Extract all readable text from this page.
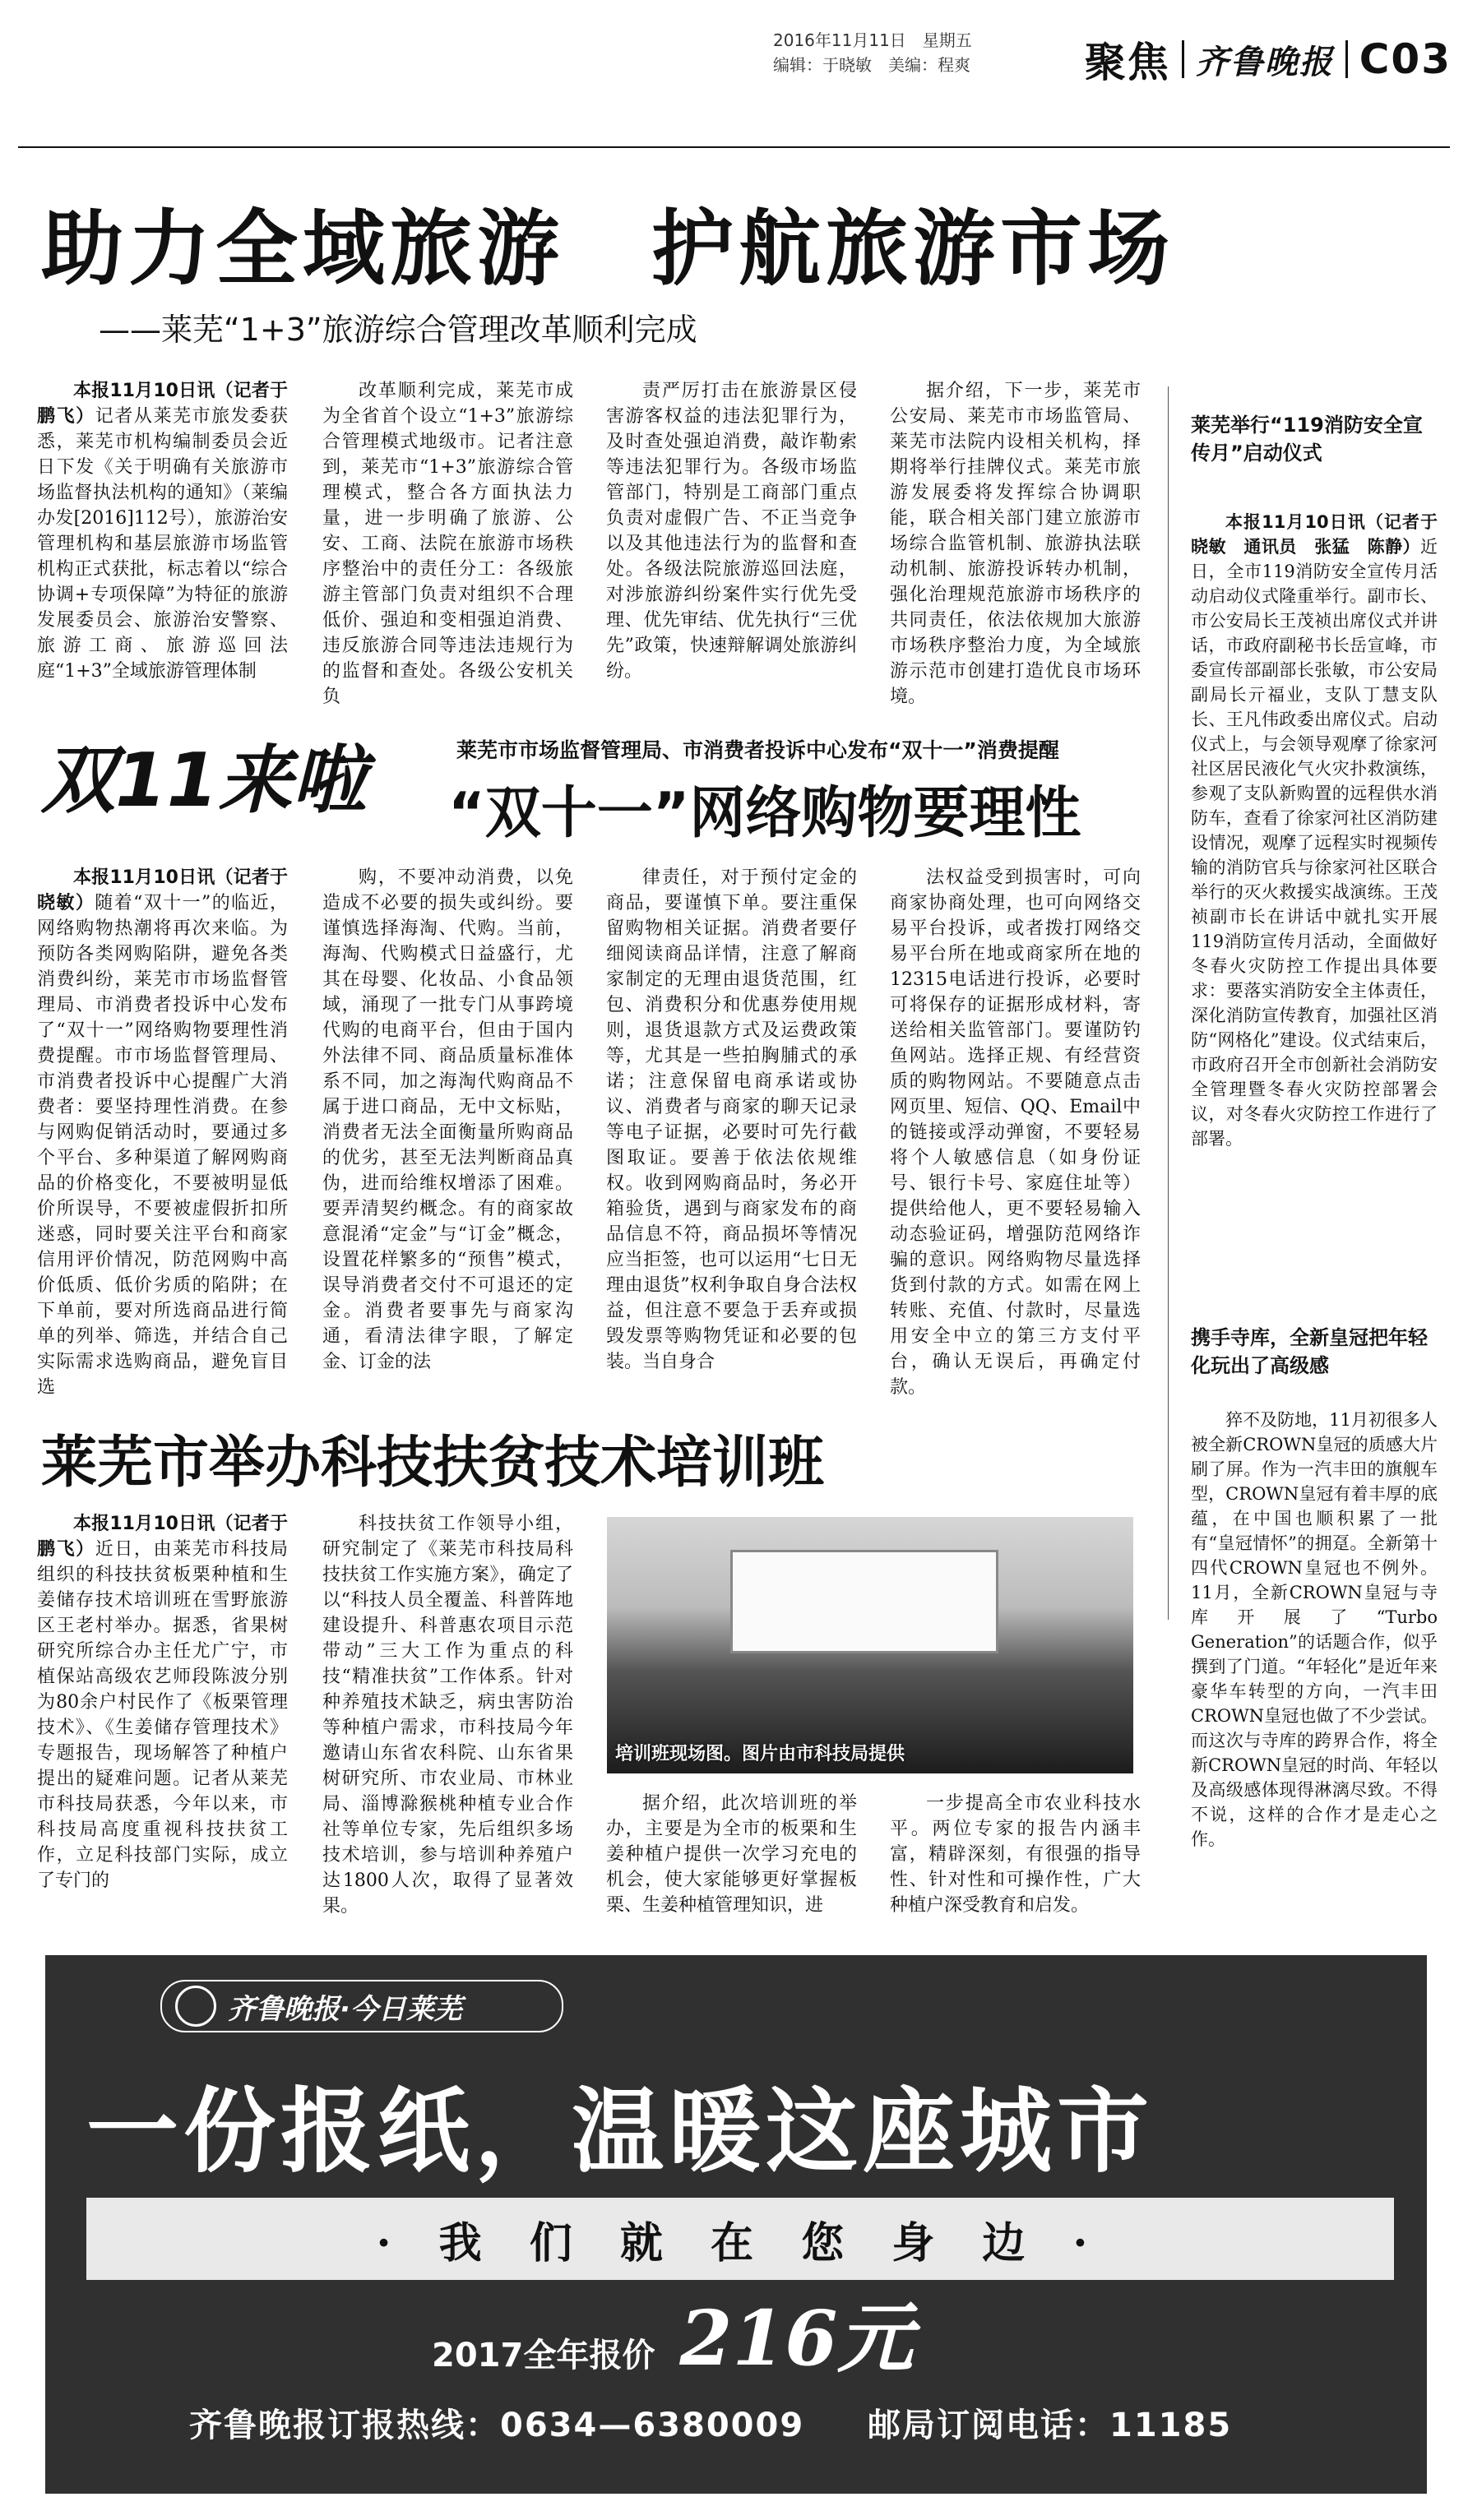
2016年11月11日　星期五
编辑：于晓敏　美编：程爽	聚焦 齐鲁晚报 C03
助力全域旅游　护航旅游市场
——莱芜“1+3”旅游综合管理改革顺利完成

本报11月10日讯（记者于鹏飞）记者从莱芜市旅发委获悉，莱芜市机构编制委员会近日下发《关于明确有关旅游市场监督执法机构的通知》（莱编办发[2016]112号），旅游治安管理机构和基层旅游市场监管机构正式获批，标志着以“综合协调+专项保障”为特征的旅游发展委员会、旅游治安警察、旅游工商、旅游巡回法庭“1+3”全域旅游管理体制

改革顺利完成，莱芜市成为全省首个设立“1+3”旅游综合管理模式地级市。记者注意到，莱芜市“1+3”旅游综合管理模式，整合各方面执法力量，进一步明确了旅游、公安、工商、法院在旅游市场秩序整治中的责任分工：各级旅游主管部门负责对组织不合理低价、强迫和变相强迫消费、违反旅游合同等违法违规行为的监督和查处。各级公安机关负

责严厉打击在旅游景区侵害游客权益的违法犯罪行为，及时查处强迫消费，敲诈勒索等违法犯罪行为。各级市场监管部门，特别是工商部门重点负责对虚假广告、不正当竞争以及其他违法行为的监督和查处。各级法院旅游巡回法庭，对涉旅游纠纷案件实行优先受理、优先审结、优先执行“三优先”政策，快速辩解调处旅游纠纷。

据介绍，下一步，莱芜市公安局、莱芜市市场监管局、莱芜市法院内设相关机构，择期将举行挂牌仪式。莱芜市旅游发展委将发挥综合协调职能，联合相关部门建立旅游市场综合监管机制、旅游执法联动机制、旅游投诉转办机制，强化治理规范旅游市场秩序的共同责任，依法依规加大旅游市场秩序整治力度，为全域旅游示范市创建打造优良市场环境。

莱芜举行“119消防安全宣传月”启动仪式

本报11月10日讯（记者于晓敏　通讯员　张猛　陈静）近日，全市119消防安全宣传月活动启动仪式隆重举行。副市长、市公安局长王茂祯出席仪式并讲话，市政府副秘书长岳宣峰，市委宣传部副部长张敏，市公安局副局长亓福业，支队丁慧支队长、王凡伟政委出席仪式。启动仪式上，与会领导观摩了徐家河社区居民液化气火灾扑救演练，参观了支队新购置的远程供水消防车，查看了徐家河社区消防建设情况，观摩了远程实时视频传输的消防官兵与徐家河社区联合举行的灭火救援实战演练。王茂祯副市长在讲话中就扎实开展119消防宣传月活动，全面做好冬春火灾防控工作提出具体要求：要落实消防安全主体责任，深化消防宣传教育，加强社区消防“网格化”建设。仪式结束后，市政府召开全市创新社会消防安全管理暨冬春火灾防控部署会议，对冬春火灾防控工作进行了部署。

携手寺库，全新皇冠把年轻化玩出了高级感

猝不及防地，11月初很多人被全新CROWN皇冠的质感大片刷了屏。作为一汽丰田的旗舰车型，CROWN皇冠有着丰厚的底蕴，在中国也顺积累了一批有“皇冠情怀”的拥趸。全新第十四代CROWN皇冠也不例外。11月，全新CROWN皇冠与寺库开展了“Turbo Generation”的话题合作，似乎撰到了门道。“年轻化”是近年来豪华车转型的方向，一汽丰田CROWN皇冠也做了不少尝试。而这次与寺库的跨界合作，将全新CROWN皇冠的时尚、年轻以及高级感体现得淋漓尽致。不得不说，这样的合作才是走心之作。

双11来啦	莱芜市市场监督管理局、市消费者投诉中心发布“双十一”消费提醒
“双十一”网络购物要理性

本报11月10日讯（记者于晓敏）随着“双十一”的临近，网络购物热潮将再次来临。为预防各类网购陷阱，避免各类消费纠纷，莱芜市市场监督管理局、市消费者投诉中心发布了“双十一”网络购物要理性消费提醒。市市场监督管理局、市消费者投诉中心提醒广大消费者：要坚持理性消费。在参与网购促销活动时，要通过多个平台、多种渠道了解网购商品的价格变化，不要被明显低价所误导，不要被虚假折扣所迷惑，同时要关注平台和商家信用评价情况，防范网购中高价低质、低价劣质的陷阱；在下单前，要对所选商品进行简单的列举、筛选，并结合自己实际需求选购商品，避免盲目选

购，不要冲动消费，以免造成不必要的损失或纠纷。要谨慎选择海淘、代购。当前，海淘、代购模式日益盛行，尤其在母婴、化妆品、小食品领域，涌现了一批专门从事跨境代购的电商平台，但由于国内外法律不同、商品质量标准体系不同，加之海淘代购商品不属于进口商品，无中文标贴，消费者无法全面衡量所购商品的优劣，甚至无法判断商品真伪，进而给维权增添了困难。要弄清契约概念。有的商家故意混淆“定金”与“订金”概念，设置花样繁多的“预售”模式，误导消费者交付不可退还的定金。消费者要事先与商家沟通，看清法律字眼，了解定金、订金的法

律责任，对于预付定金的商品，要谨慎下单。要注重保留购物相关证据。消费者要仔细阅读商品详情，注意了解商家制定的无理由退货范围，红包、消费积分和优惠券使用规则，退货退款方式及运费政策等，尤其是一些拍胸脯式的承诺；注意保留电商承诺或协议、消费者与商家的聊天记录等电子证据，必要时可先行截图取证。要善于依法依规维权。收到网购商品时，务必开箱验货，遇到与商家发布的商品信息不符，商品损坏等情况应当拒签，也可以运用“七日无理由退货”权利争取自身合法权益，但注意不要急于丢弃或损毁发票等购物凭证和必要的包装。当自身合

法权益受到损害时，可向商家协商处理，也可向网络交易平台投诉，或者拨打网络交易平台所在地或商家所在地的12315电话进行投诉，必要时可将保存的证据形成材料，寄送给相关监管部门。要谨防钓鱼网站。选择正规、有经营资质的购物网站。不要随意点击网页里、短信、QQ、Email中的链接或浮动弹窗，不要轻易将个人敏感信息（如身份证号、银行卡号、家庭住址等）提供给他人，更不要轻易输入动态验证码，增强防范网络诈骗的意识。网络购物尽量选择货到付款的方式。如需在网上转账、充值、付款时，尽量选用安全中立的第三方支付平台，确认无误后，再确定付款。

莱芜市举办科技扶贫技术培训班

本报11月10日讯（记者于鹏飞）近日，由莱芜市科技局组织的科技扶贫板栗种植和生姜储存技术培训班在雪野旅游区王老村举办。据悉，省果树研究所综合办主任尤广宁，市植保站高级农艺师段陈波分别为80余户村民作了《板栗管理技术》、《生姜储存管理技术》专题报告，现场解答了种植户提出的疑难问题。记者从莱芜市科技局获悉，今年以来，市科技局高度重视科技扶贫工作，立足科技部门实际，成立了专门的

科技扶贫工作领导小组，研究制定了《莱芜市科技局科技扶贫工作实施方案》，确定了以“科技人员全覆盖、科普阵地建设提升、科普惠农项目示范带动”三大工作为重点的科技“精准扶贫”工作体系。针对种养殖技术缺乏，病虫害防治等种植户需求，市科技局今年邀请山东省农科院、山东省果树研究所、市农业局、市林业局、淄博滁猴桃种植专业合作社等单位专家，先后组织多场技术培训，参与培训种养殖户达1800人次，取得了显著效果。

培训班现场图。图片由市科技局提供

据介绍，此次培训班的举办，主要是为全市的板栗和生姜种植户提供一次学习充电的机会，使大家能够更好掌握板栗、生姜种植管理知识，进

一步提高全市农业科技水平。两位专家的报告内涵丰富，精辟深刻，有很强的指导性、针对性和可操作性，广大种植户深受教育和启发。

齐鲁晚报·今日莱芜
一份报纸，温暖这座城市
· 我 们 就 在 您 身 边 ·
2017全年报价 216元
齐鲁晚报订报热线：0634—6380009 邮局订阅电话：11185
